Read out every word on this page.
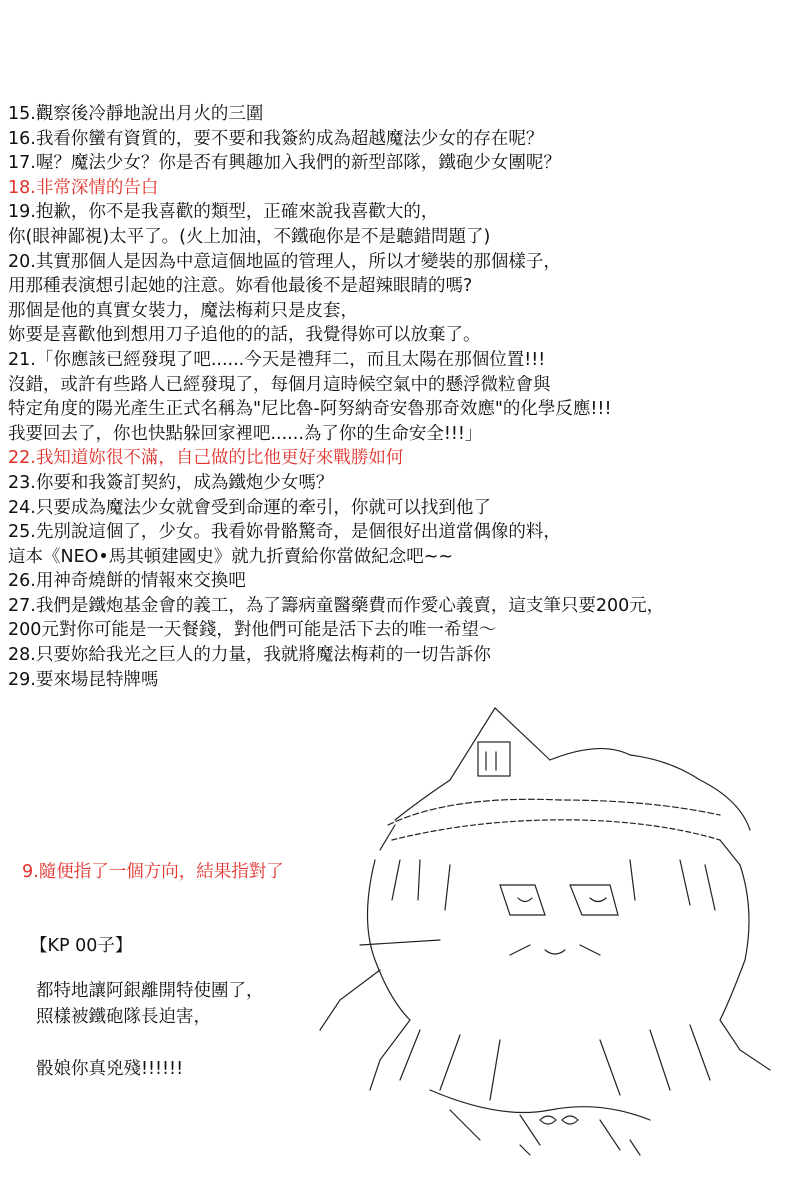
15.觀察後冷靜地說出月火的三圍
16.我看你蠻有資質的，要不要和我簽約成為超越魔法少女的存在呢？
17.喔？魔法少女？你是否有興趣加入我們的新型部隊，鐵砲少女團呢？
18.非常深情的告白
19.抱歉，你不是我喜歡的類型，正確來說我喜歡大的，
你(眼神鄙視)太平了。(火上加油，不鐵砲你是不是聽錯問題了)
20.其實那個人是因為中意這個地區的管理人，所以才變裝的那個樣子，
用那種表演想引起她的注意。妳看他最後不是超辣眼睛的嗎?
那個是他的真實女裝力，魔法梅莉只是皮套，
妳要是喜歡他到想用刀子追他的的話，我覺得妳可以放棄了。
21.「你應該已經發現了吧......今天是禮拜二，而且太陽在那個位置!!!
沒錯，或許有些路人已經發現了，每個月這時候空氣中的懸浮微粒會與
特定角度的陽光產生正式名稱為"尼比魯-阿努納奇安魯那奇效應"的化學反應!!!
我要回去了，你也快點躲回家裡吧......為了你的生命安全!!!」
22.我知道妳很不滿，自己做的比他更好來戰勝如何
23.你要和我簽訂契約，成為鐵炮少女嗎？
24.只要成為魔法少女就會受到命運的牽引，你就可以找到他了
25.先別說這個了，少女。我看妳骨骼驚奇，是個很好出道當偶像的料，
這本《NEO•馬其頓建國史》就九折賣給你當做紀念吧~~
26.用神奇燒餅的情報來交換吧
27.我們是鐵炮基金會的義工，為了籌病童醫藥費而作愛心義賣，這支筆只要200元，
200元對你可能是一天餐錢，對他們可能是活下去的唯一希望～
28.只要妳給我光之巨人的力量，我就將魔法梅莉的一切告訴你
29.要來場昆特牌嗎
9.隨便指了一個方向，結果指對了
【KP 00子】
都特地讓阿銀離開特使團了，
照樣被鐵砲隊長迫害，
骰娘你真兇殘!!!!!!
